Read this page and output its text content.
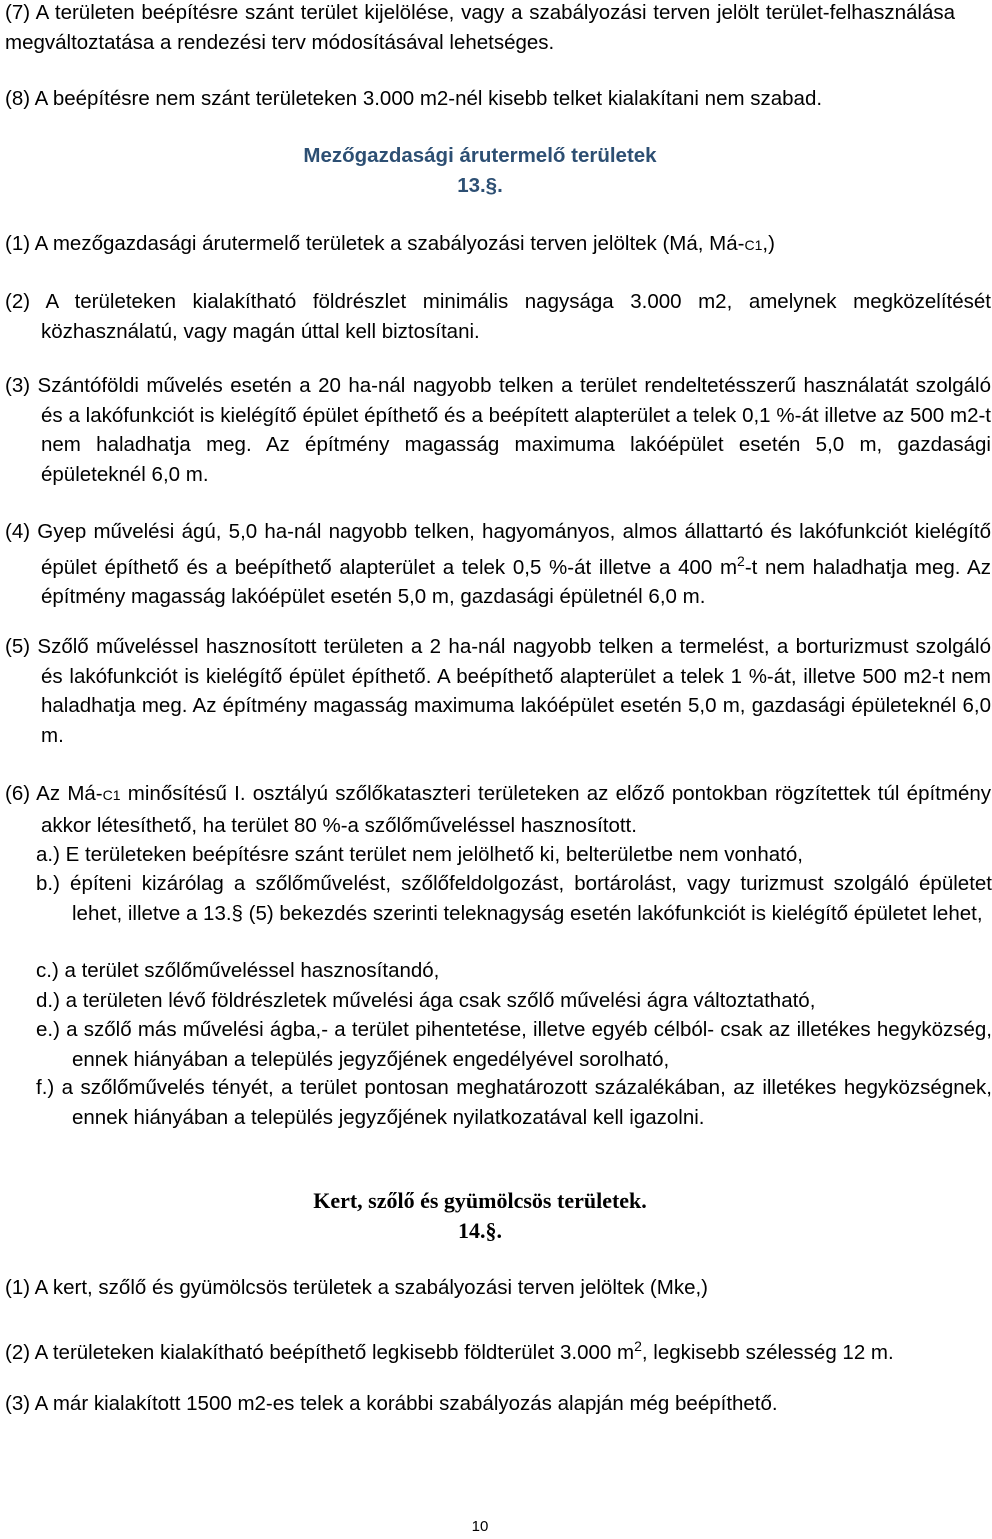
(7) A területen beépítésre szánt terület kijelölése, vagy a szabályozási terven jelölt terület-felhasználása megváltoztatása a rendezési terv módosításával lehetséges.

(8) A beépítésre nem szánt területeken 3.000 m2-nél kisebb telket kialakítani nem szabad.

Mezőgazdasági árutermelő területek

13.§.

(1) A mezőgazdasági árutermelő területek a szabályozási terven jelöltek (Má, Má-C1,)

(2) A területeken kialakítható földrészlet minimális nagysága 3.000 m2, amelynek megközelítését közhasználatú, vagy magán úttal kell biztosítani.

(3) Szántóföldi művelés esetén a 20 ha-nál nagyobb telken a terület rendeltetésszerű használatát szolgáló és a lakófunkciót is kielégítő épület építhető és a beépített alapterület a telek 0,1 %-át illetve az 500 m2-t nem haladhatja meg. Az építmény magasság maximuma lakóépület esetén 5,0 m, gazdasági épületeknél 6,0 m.

(4) Gyep művelési ágú, 5,0 ha-nál nagyobb telken, hagyományos, almos állattartó és lakófunkciót kielégítő épület építhető és a beépíthető alapterület a telek 0,5 %-át illetve a 400 $m^2-t$ nem haladhatja meg. Az építmény magasság lakóépület esetén 5,0 m, gazdasági épületnél 6,0 m.

(5) Szőlő műveléssel hasznosított területen a 2 ha-nál nagyobb telken a termelést, a borturizmust szolgáló és lakófunkciót is kielégítő épület építhető. A beépíthető alapterület a telek 1 %-át, illetve 500 m2-t nem haladhatja meg. Az építmény magasság maximuma lakóépület esetén 5,0 m, gazdasági épületeknél 6,0 m.

(6) Az Má-C1 minősítésű I. osztályú szőlőkataszteri területeken az előző pontokban rögzítettek túl építmény akkor létesíthető, ha terület 80 %-a szőlőműveléssel hasznosított.

a.) E területeken beépítésre szánt terület nem jelölhető ki, belterületbe nem vonható,

b.) építeni kizárólag a szőlőművelést, szőlőfeldolgozást, bortárolást, vagy turizmust szolgáló épületet lehet, illetve a 13.§ (5) bekezdés szerinti teleknagyság esetén lakófunkciót is kielégítő épületet lehet,

c.) a terület szőlőműveléssel hasznosítandó,

d.) a területen lévő földrészletek művelési ága csak szőlő művelési ágra változtatható,

e.) a szőlő más művelési ágba,- a terület pihentetése, illetve egyéb célból- csak az illetékes hegyközség, ennek hiányában a település jegyzőjének engedélyével sorolható,

f.) a szőlőművelés tényét, a terület pontosan meghatározott százalékában, az illetékes hegyközségnek, ennek hiányában a település jegyzőjének nyilatkozatával kell igazolni.

Kert, szőlő és gyümölcsös területek.

14.§.

(1) A kert, szőlő és gyümölcsös területek a szabályozási terven jelöltek (Mke,)

(2) A területeken kialakítható beépíthető legkisebb földterület 3.000 $m^2$, legkisebb szélesség 12 m.

(3) A már kialakított 1500 m2-es telek a korábbi szabályozás alapján még beépíthető.

10
